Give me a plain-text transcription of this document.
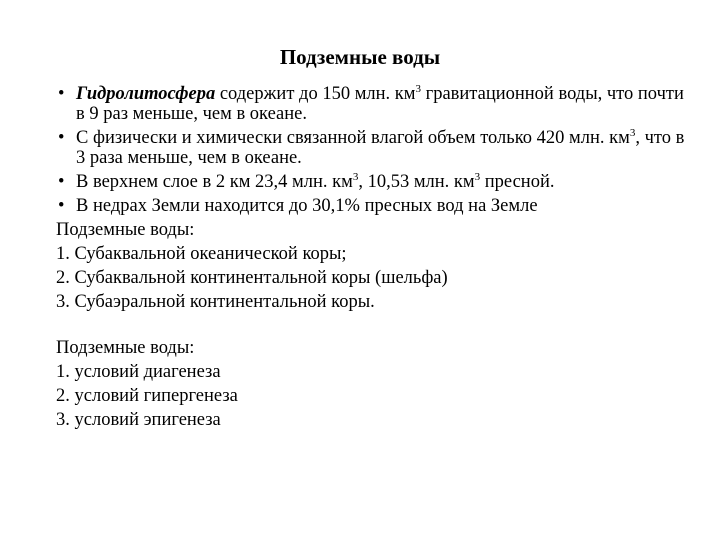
Подземные воды
• Гидролитосфера содержит до 150 млн. $км^3$ гравитационной воды, что почти в 9 раз меньше, чем в океане.
• С физически и химически связанной влагой объем только 420 млн. $км^3$, что в 3 раза меньше, чем в океане.
• В верхнем слое в 2 км 23,4 млн. $км^3$, 10,53 млн. $км^3$ пресной.
• В недрах Земли находится до 30,1% пресных вод на Земле
Подземные воды:
1. Субаквальной океанической коры;
2. Субаквальной континентальной коры (шельфа)
3. Субаэральной континентальной коры.
Подземные воды:
1. условий диагенеза
2. условий гипергенеза
3. условий эпигенеза
